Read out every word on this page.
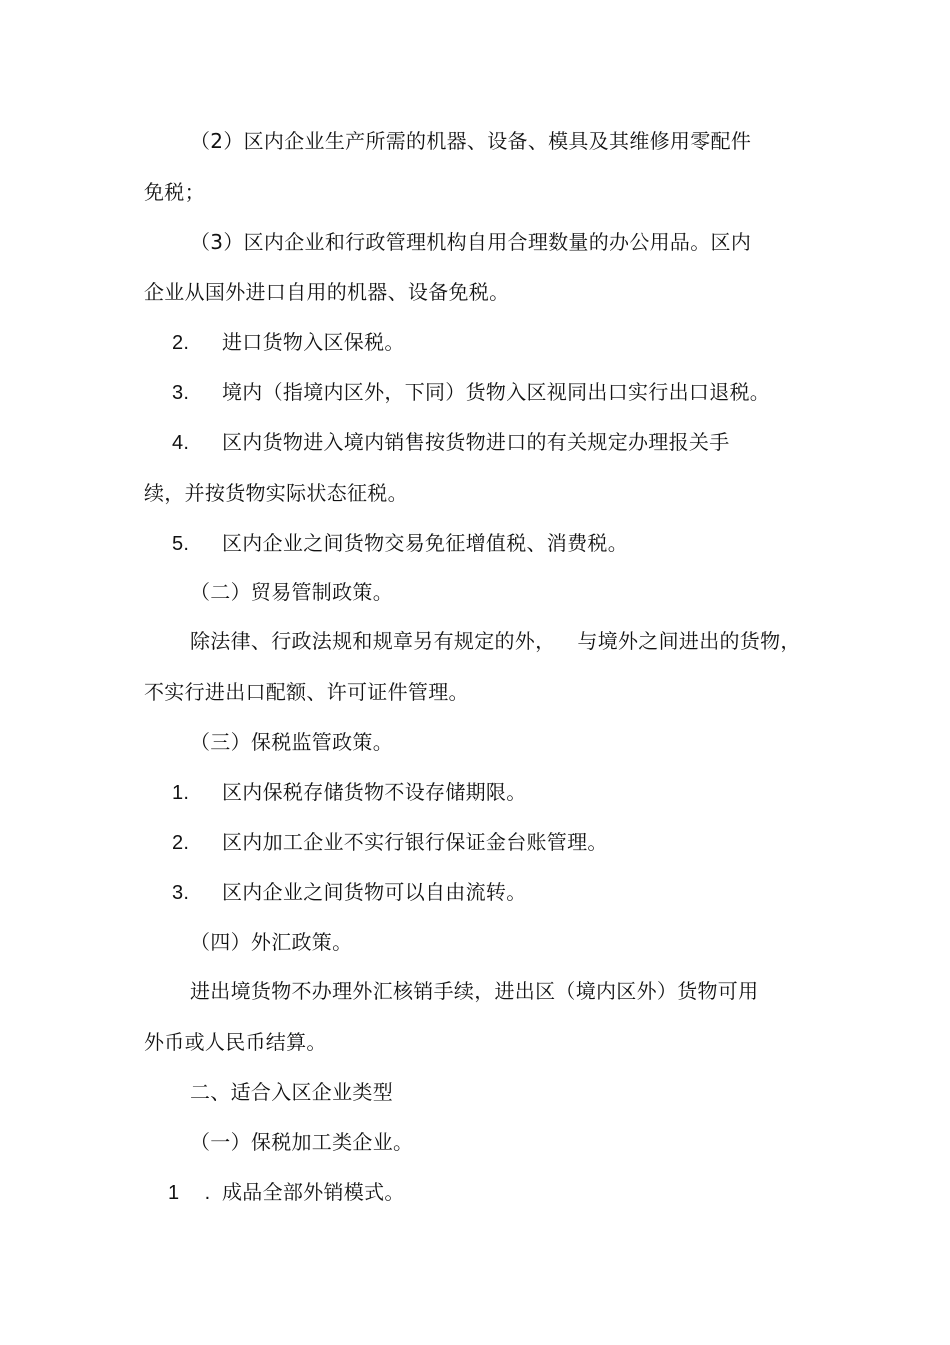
（2）区内企业生产所需的机器、设备、模具及其维修用零配件
免税；
（3）区内企业和行政管理机构自用合理数量的办公用品。区内
企业从国外进口自用的机器、设备免税。
2. 进口货物入区保税。
3. 境内（指境内区外，下同）货物入区视同出口实行出口退税。
4. 区内货物进入境内销售按货物进口的有关规定办理报关手
续，并按货物实际状态征税。
5. 区内企业之间货物交易免征增值税、消费税。
（二）贸易管制政策。
除法律、行政法规和规章另有规定的外， 与境外之间进出的货物，
不实行进出口配额、许可证件管理。
（三）保税监管政策。
1. 区内保税存储货物不设存储期限。
2. 区内加工企业不实行银行保证金台账管理。
3. 区内企业之间货物可以自由流转。
（四）外汇政策。
进出境货物不办理外汇核销手续，进出区（境内区外）货物可用
外币或人民币结算。
二、适合入区企业类型
（一）保税加工类企业。
1 .成品全部外销模式。
